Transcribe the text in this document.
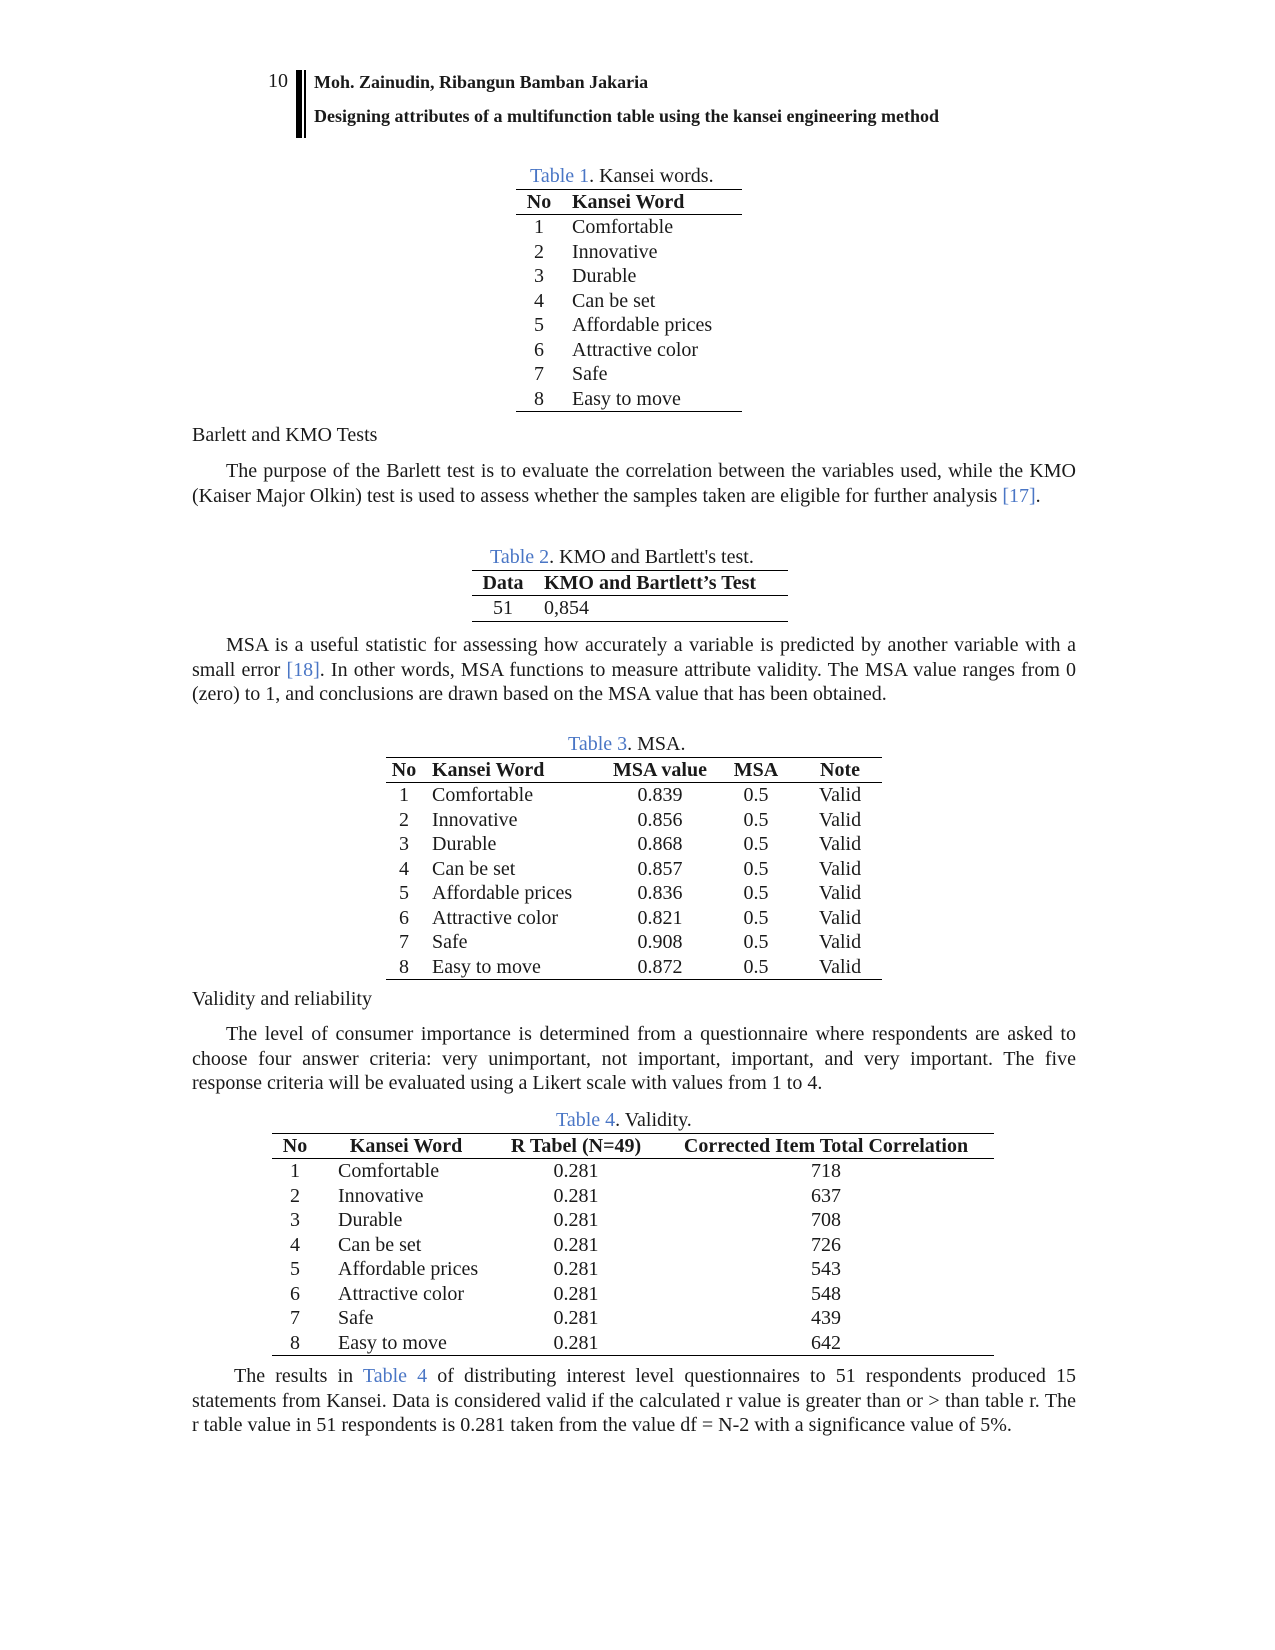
10 Moh. Zainudin, Ribangun Bamban Jakaria
Designing attributes of a multifunction table using the kansei engineering method
Table 1. Kansei words.
No	Kansei Word
1	Comfortable
2	Innovative
3	Durable
4	Can be set
5	Affordable prices
6	Attractive color
7	Safe
8	Easy to move
Barlett and KMO Tests

The purpose of the Barlett test is to evaluate the correlation between the variables used, while the KMO (Kaiser Major Olkin) test is used to assess whether the samples taken are eligible for further analysis [17].

Table 2. KMO and Bartlett's test.
Data	KMO and Bartlett’s Test
51	0,854

MSA is a useful statistic for assessing how accurately a variable is predicted by another variable with a small error [18]. In other words, MSA functions to measure attribute validity. The MSA value ranges from 0 (zero) to 1, and conclusions are drawn based on the MSA value that has been obtained.

Table 3. MSA.
No	Kansei Word	MSA value	MSA	Note
1	Comfortable	0.839	0.5	Valid
2	Innovative	0.856	0.5	Valid
3	Durable	0.868	0.5	Valid
4	Can be set	0.857	0.5	Valid
5	Affordable prices	0.836	0.5	Valid
6	Attractive color	0.821	0.5	Valid
7	Safe	0.908	0.5	Valid
8	Easy to move	0.872	0.5	Valid
Validity and reliability

The level of consumer importance is determined from a questionnaire where respondents are asked to choose four answer criteria: very unimportant, not important, important, and very important. The five response criteria will be evaluated using a Likert scale with values from 1 to 4.

Table 4. Validity.
No	Kansei Word	R Tabel (N=49)	Corrected Item Total Correlation
1	Comfortable	0.281	718
2	Innovative	0.281	637
3	Durable	0.281	708
4	Can be set	0.281	726
5	Affordable prices	0.281	543
6	Attractive color	0.281	548
7	Safe	0.281	439
8	Easy to move	0.281	642

The results in Table 4 of distributing interest level questionnaires to 51 respondents produced 15 statements from Kansei. Data is considered valid if the calculated r value is greater than or > than table r. The r table value in 51 respondents is 0.281 taken from the value df = N-2 with a significance value of 5%.
